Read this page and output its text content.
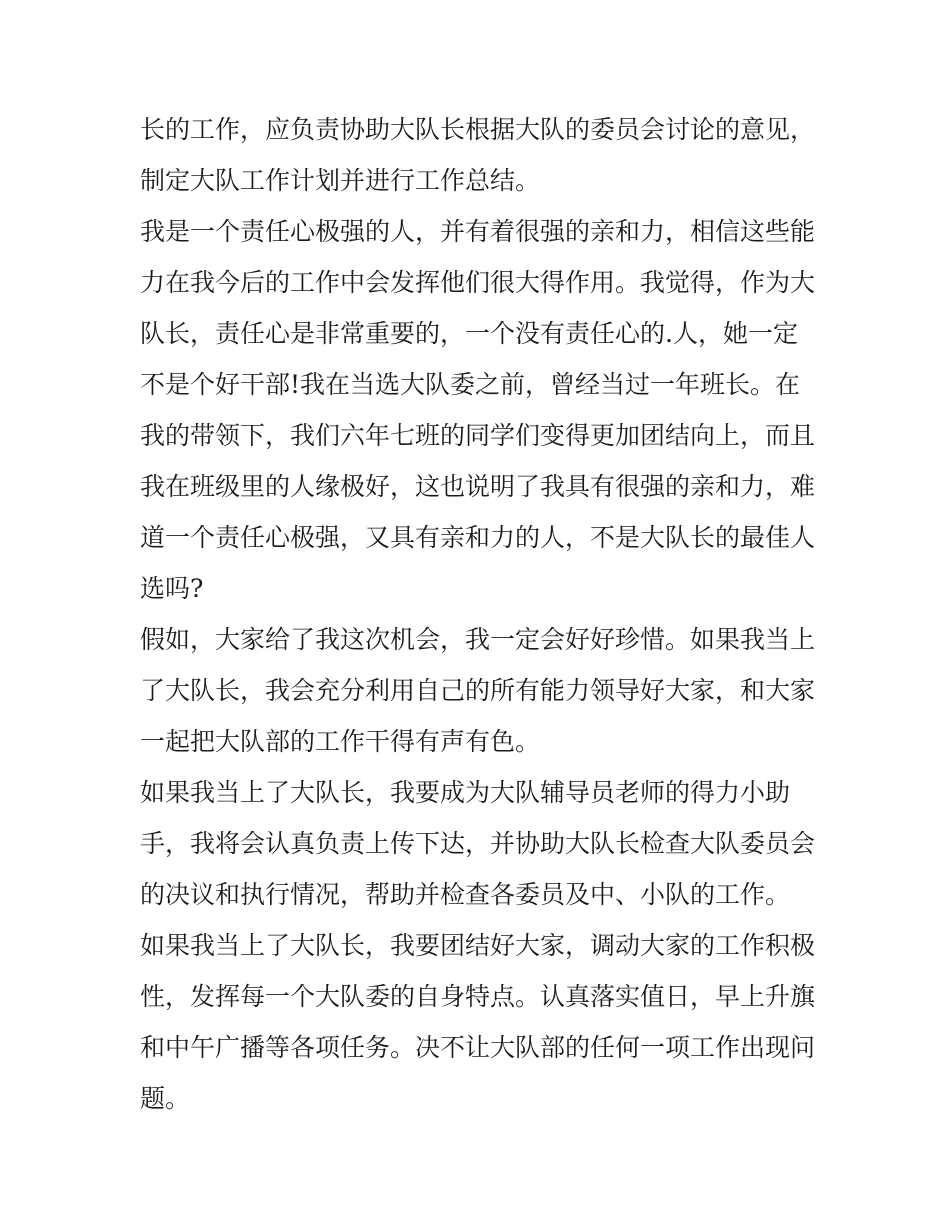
长的工作，应负责协助大队长根据大队的委员会讨论的意见，
制定大队工作计划并进行工作总结。
我是一个责任心极强的人，并有着很强的亲和力，相信这些能
力在我今后的工作中会发挥他们很大得作用。我觉得，作为大
队长，责任心是非常重要的，一个没有责任心的.人，她一定
不是个好干部!我在当选大队委之前，曾经当过一年班长。在
我的带领下，我们六年七班的同学们变得更加团结向上，而且
我在班级里的人缘极好，这也说明了我具有很强的亲和力，难
道一个责任心极强，又具有亲和力的人，不是大队长的最佳人
选吗?
假如，大家给了我这次机会，我一定会好好珍惜。如果我当上
了大队长，我会充分利用自己的所有能力领导好大家，和大家
一起把大队部的工作干得有声有色。
如果我当上了大队长，我要成为大队辅导员老师的得力小助
手，我将会认真负责上传下达，并协助大队长检查大队委员会
的决议和执行情况，帮助并检查各委员及中、小队的工作。
如果我当上了大队长，我要团结好大家，调动大家的工作积极
性，发挥每一个大队委的自身特点。认真落实值日，早上升旗
和中午广播等各项任务。决不让大队部的任何一项工作出现问
题。
